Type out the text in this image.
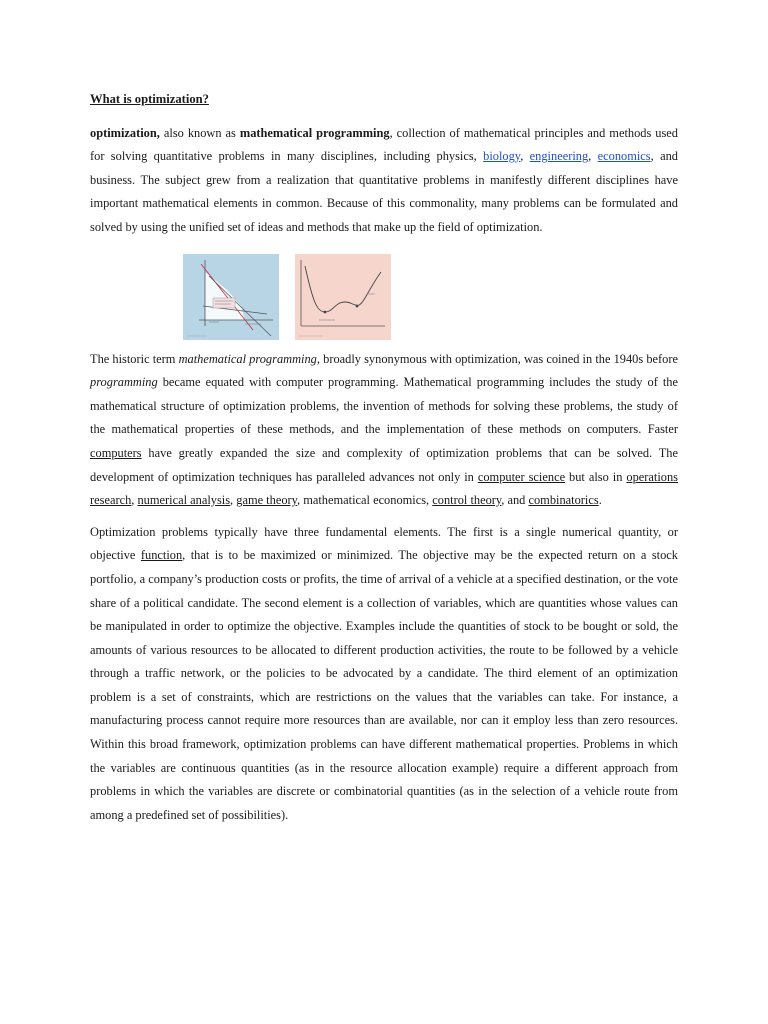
What is optimization?

optimization, also known as mathematical programming, collection of mathematical principles and methods used for solving quantitative problems in many disciplines, including physics, biology, engineering, economics, and business. The subject grew from a realization that quantitative problems in manifestly different disciplines have important mathematical elements in common. Because of this commonality, many problems can be formulated and solved by using the unified set of ideas and methods that make up the field of optimization.

The historic term mathematical programming, broadly synonymous with optimization, was coined in the 1940s before programming became equated with computer programming. Mathematical programming includes the study of the mathematical structure of optimization problems, the invention of methods for solving these problems, the study of the mathematical properties of these methods, and the implementation of these methods on computers. Faster computers have greatly expanded the size and complexity of optimization problems that can be solved. The development of optimization techniques has paralleled advances not only in computer science but also in operations research, numerical analysis, game theory, mathematical economics, control theory, and combinatorics.

Optimization problems typically have three fundamental elements. The first is a single numerical quantity, or objective function, that is to be maximized or minimized. The objective may be the expected return on a stock portfolio, a company’s production costs or profits, the time of arrival of a vehicle at a specified destination, or the vote share of a political candidate. The second element is a collection of variables, which are quantities whose values can be manipulated in order to optimize the objective. Examples include the quantities of stock to be bought or sold, the amounts of various resources to be allocated to different production activities, the route to be followed by a vehicle through a traffic network, or the policies to be advocated by a candidate. The third element of an optimization problem is a set of constraints, which are restrictions on the values that the variables can take. For instance, a manufacturing process cannot require more resources than are available, nor can it employ less than zero resources. Within this broad framework, optimization problems can have different mathematical properties. Problems in which the variables are continuous quantities (as in the resource allocation example) require a different approach from problems in which the variables are discrete or combinatorial quantities (as in the selection of a vehicle route from among a predefined set of possibilities).
